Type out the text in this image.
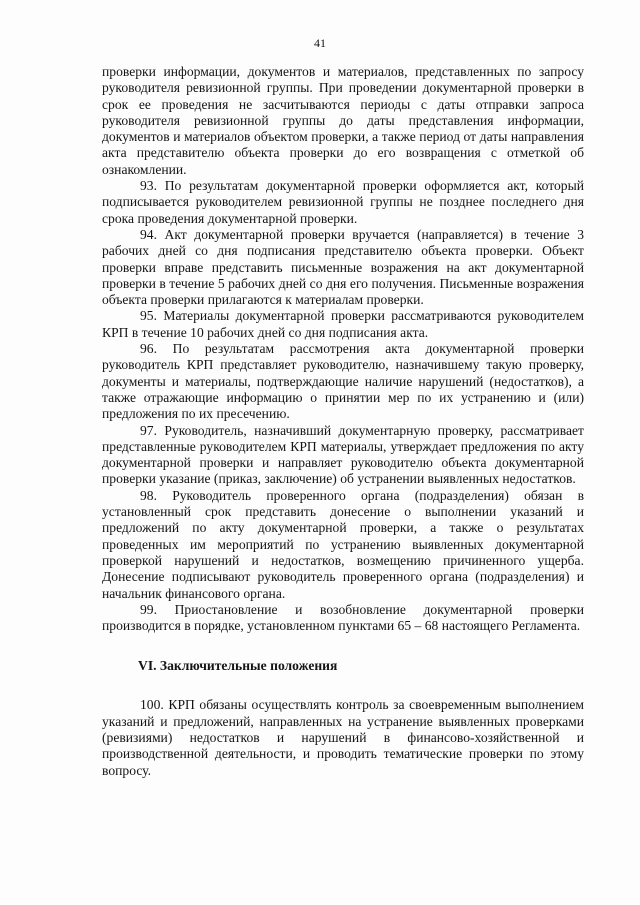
41

проверки информации, документов и материалов, представленных по запросу руководителя ревизионной группы. При проведении документарной проверки в срок ее проведения не засчитываются периоды с даты отправки запроса руководителя ревизионной группы до даты представления информации, документов и материалов объектом проверки, а также период от даты направления акта представителю объекта проверки до его возвращения с отметкой об ознакомлении.

93. По результатам документарной проверки оформляется акт, который подписывается руководителем ревизионной группы не позднее последнего дня срока проведения документарной проверки.

94. Акт документарной проверки вручается (направляется) в течение 3 рабочих дней со дня подписания представителю объекта проверки. Объект проверки вправе представить письменные возражения на акт документарной проверки в течение 5 рабочих дней со дня его получения. Письменные возражения объекта проверки прилагаются к материалам проверки.

95. Материалы документарной проверки рассматриваются руководителем КРП в течение 10 рабочих дней со дня подписания акта.

96. По результатам рассмотрения акта документарной проверки руководитель КРП представляет руководителю, назначившему такую проверку, документы и материалы, подтверждающие наличие нарушений (недостатков), а также отражающие информацию о принятии мер по их устранению и (или) предложения по их пресечению.

97. Руководитель, назначивший документарную проверку, рассматривает представленные руководителем КРП материалы, утверждает предложения по акту документарной проверки и направляет руководителю объекта документарной проверки указание (приказ, заключение) об устранении выявленных недостатков.

98. Руководитель проверенного органа (подразделения) обязан в установленный срок представить донесение о выполнении указаний и предложений по акту документарной проверки, а также о результатах проведенных им мероприятий по устранению выявленных документарной проверкой нарушений и недостатков, возмещению причиненного ущерба. Донесение подписывают руководитель проверенного органа (подразделения) и начальник финансового органа.

99. Приостановление и возобновление документарной проверки производится в порядке, установленном пунктами 65 – 68 настоящего Регламента.

VI. Заключительные положения

100. КРП обязаны осуществлять контроль за своевременным выполнением указаний и предложений, направленных на устранение выявленных проверками (ревизиями) недостатков и нарушений в финансово-хозяйственной и производственной деятельности, и проводить тематические проверки по этому вопросу.
